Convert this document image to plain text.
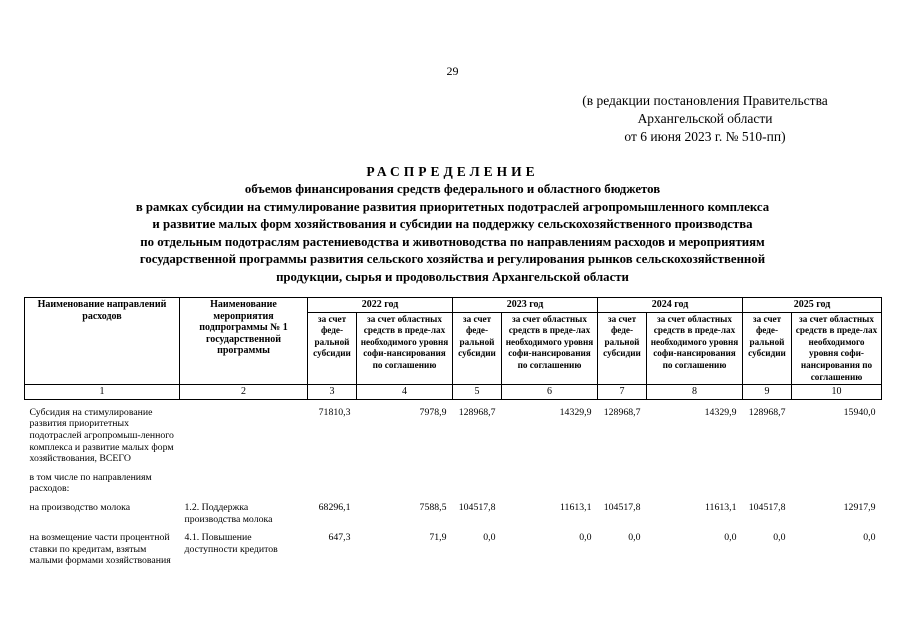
29
(в редакции постановления Правительства
Архангельской области
от 6 июня 2023 г. № 510-пп)
РАСПРЕДЕЛЕНИЕ
объемов финансирования средств федерального и областного бюджетов
в рамках субсидии на стимулирование развития приоритетных подотраслей агропромышленного комплекса
и развитие малых форм хозяйствования и субсидии на поддержку сельскохозяйственного производства
по отдельным подотраслям растениеводства и животноводства по направлениям расходов и мероприятиям
государственной программы развития сельского хозяйства и регулирования рынков сельскохозяйственной
продукции, сырья и продовольствия Архангельской области
Наименование направлений расходов	Наименование мероприятия подпрограммы № 1 государственной программы	2022 год		2023 год		2024 год		2025 год	
		за счет феде-ральной субсидии	за счет областных средств в преде-лах необходимого уровня софи-нансирования по соглашению	за счет феде-ральной субсидии	за счет областных средств в преде-лах необходимого уровня софи-нансирования по соглашению	за счет феде-ральной субсидии	за счет областных средств в преде-лах необходимого уровня софи-нансирования по соглашению	за счет феде-ральной субсидии	за счет областных средств в преде-лах необходимого уровня софи-нансирования по соглашению
1	2	3	4	5	6	7	8	9	10

Субсидия на стимулирование развития приоритетных подотраслей агропромыш-ленного комплекса и развитие малых форм хозяйствования, ВСЕГО		71810,3	7978,9	128968,7	14329,9	128968,7	14329,9	128968,7	15940,0
в том числе по направлениям расходов:									
на производство молока	1.2. Поддержка производства молока	68296,1	7588,5	104517,8	11613,1	104517,8	11613,1	104517,8	12917,9
на возмещение части процентной ставки по кредитам, взятым малыми формами хозяйствования	4.1. Повышение доступности кредитов	647,3	71,9	0,0	0,0	0,0	0,0	0,0	0,0
